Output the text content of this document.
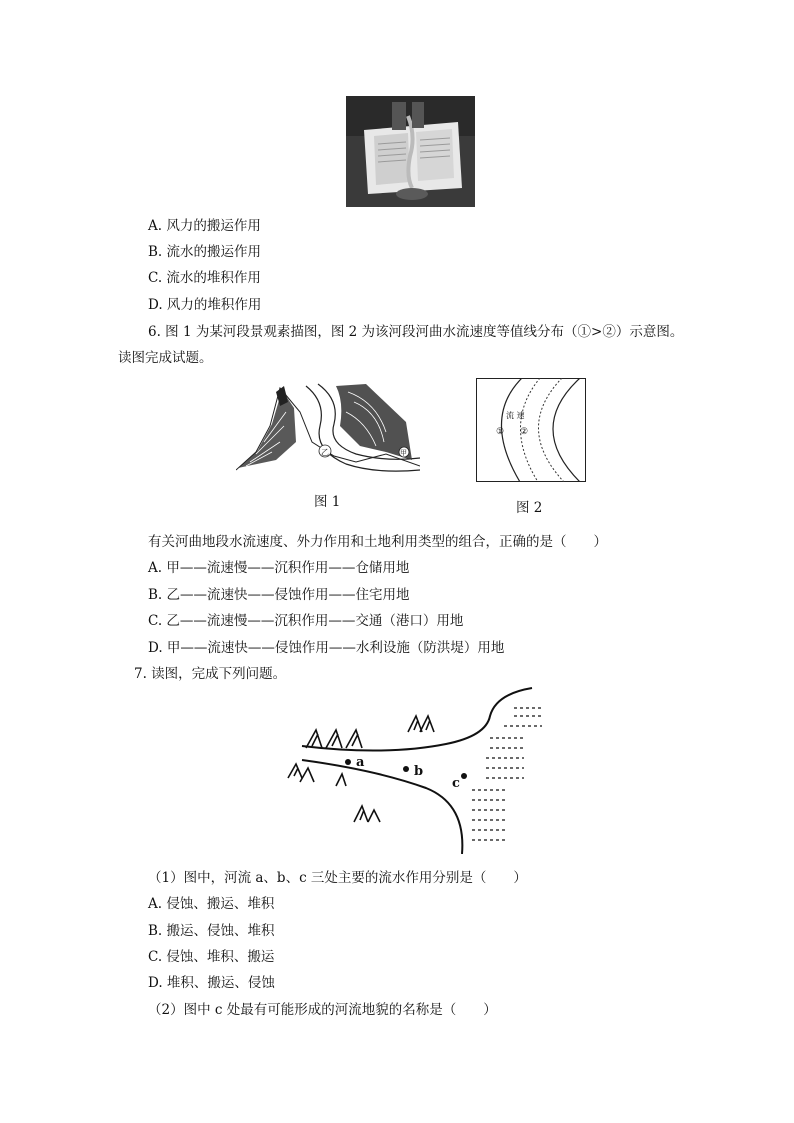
A. 风力的搬运作用
B. 流水的搬运作用
C. 流水的堆积作用
D. 风力的堆积作用
6. 图 1 为某河段景观素描图，图 2 为该河段河曲水流速度等值线分布（①>②）示意图。
读图完成试题。
乙	甲
图 1
流 速
① ②
图 2
有关河曲地段水流速度、外力作用和土地利用类型的组合，正确的是（　　）
A. 甲——流速慢——沉积作用——仓储用地
B. 乙——流速快——侵蚀作用——住宅用地
C. 乙——流速慢——沉积作用——交通（港口）用地
D. 甲——流速快——侵蚀作用——水利设施（防洪堤）用地
7. 读图，完成下列问题。
a
b
c
（1）图中，河流 a、b、c 三处主要的流水作用分别是（　　）
A. 侵蚀、搬运、堆积
B. 搬运、侵蚀、堆积
C. 侵蚀、堆积、搬运
D. 堆积、搬运、侵蚀
（2）图中 c 处最有可能形成的河流地貌的名称是（　　）
